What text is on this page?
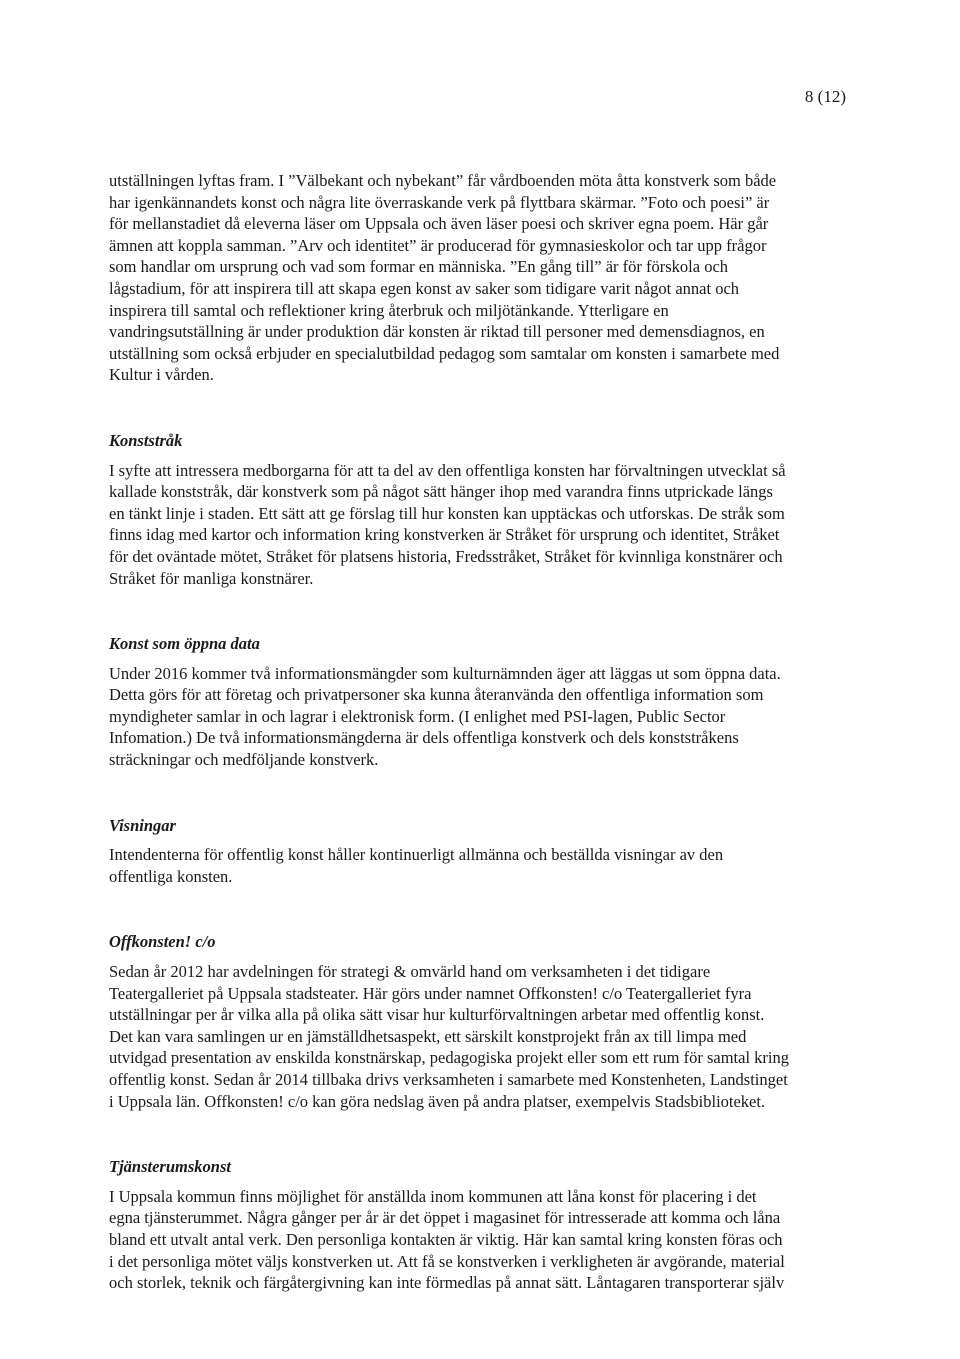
8 (12)

utställningen lyftas fram. I ”Välbekant och nybekant” får vårdboenden möta åtta konstverk som både
har igenkännandets konst och några lite överraskande verk på flyttbara skärmar. ”Foto och poesi” är
för mellanstadiet då eleverna läser om Uppsala och även läser poesi och skriver egna poem. Här går
ämnen att koppla samman. ”Arv och identitet” är producerad för gymnasieskolor och tar upp frågor
som handlar om ursprung och vad som formar en människa. ”En gång till” är för förskola och
lågstadium, för att inspirera till att skapa egen konst av saker som tidigare varit något annat och
inspirera till samtal och reflektioner kring återbruk och miljötänkande. Ytterligare en
vandringsutställning är under produktion där konsten är riktad till personer med demensdiagnos, en
utställning som också erbjuder en specialutbildad pedagog som samtalar om konsten i samarbete med
Kultur i vården.

Konststråk

I syfte att intressera medborgarna för att ta del av den offentliga konsten har förvaltningen utvecklat så
kallade konststråk, där konstverk som på något sätt hänger ihop med varandra finns utprickade längs
en tänkt linje i staden. Ett sätt att ge förslag till hur konsten kan upptäckas och utforskas. De stråk som
finns idag med kartor och information kring konstverken är Stråket för ursprung och identitet, Stråket
för det oväntade mötet, Stråket för platsens historia, Fredsstråket, Stråket för kvinnliga konstnärer och
Stråket för manliga konstnärer.

Konst som öppna data

Under 2016 kommer två informationsmängder som kulturnämnden äger att läggas ut som öppna data.
Detta görs för att företag och privatpersoner ska kunna återanvända den offentliga information som
myndigheter samlar in och lagrar i elektronisk form. (I enlighet med PSI-lagen, Public Sector
Infomation.) De två informationsmängderna är dels offentliga konstverk och dels konststråkens
sträckningar och medföljande konstverk.

Visningar

Intendenterna för offentlig konst håller kontinuerligt allmänna och beställda visningar av den
offentliga konsten.

Offkonsten! c/o

Sedan år 2012 har avdelningen för strategi & omvärld hand om verksamheten i det tidigare
Teatergalleriet på Uppsala stadsteater. Här görs under namnet Offkonsten! c/o Teatergalleriet fyra
utställningar per år vilka alla på olika sätt visar hur kulturförvaltningen arbetar med offentlig konst.
Det kan vara samlingen ur en jämställdhetsaspekt, ett särskilt konstprojekt från ax till limpa med
utvidgad presentation av enskilda konstnärskap, pedagogiska projekt eller som ett rum för samtal kring
offentlig konst. Sedan år 2014 tillbaka drivs verksamheten i samarbete med Konstenheten, Landstinget
i Uppsala län. Offkonsten! c/o kan göra nedslag även på andra platser, exempelvis Stadsbiblioteket.

Tjänsterumskonst

I Uppsala kommun finns möjlighet för anställda inom kommunen att låna konst för placering i det
egna tjänsterummet. Några gånger per år är det öppet i magasinet för intresserade att komma och låna
bland ett utvalt antal verk. Den personliga kontakten är viktig. Här kan samtal kring konsten föras och
i det personliga mötet väljs konstverken ut. Att få se konstverken i verkligheten är avgörande, material
och storlek, teknik och färgåtergivning kan inte förmedlas på annat sätt. Låntagaren transporterar själv
